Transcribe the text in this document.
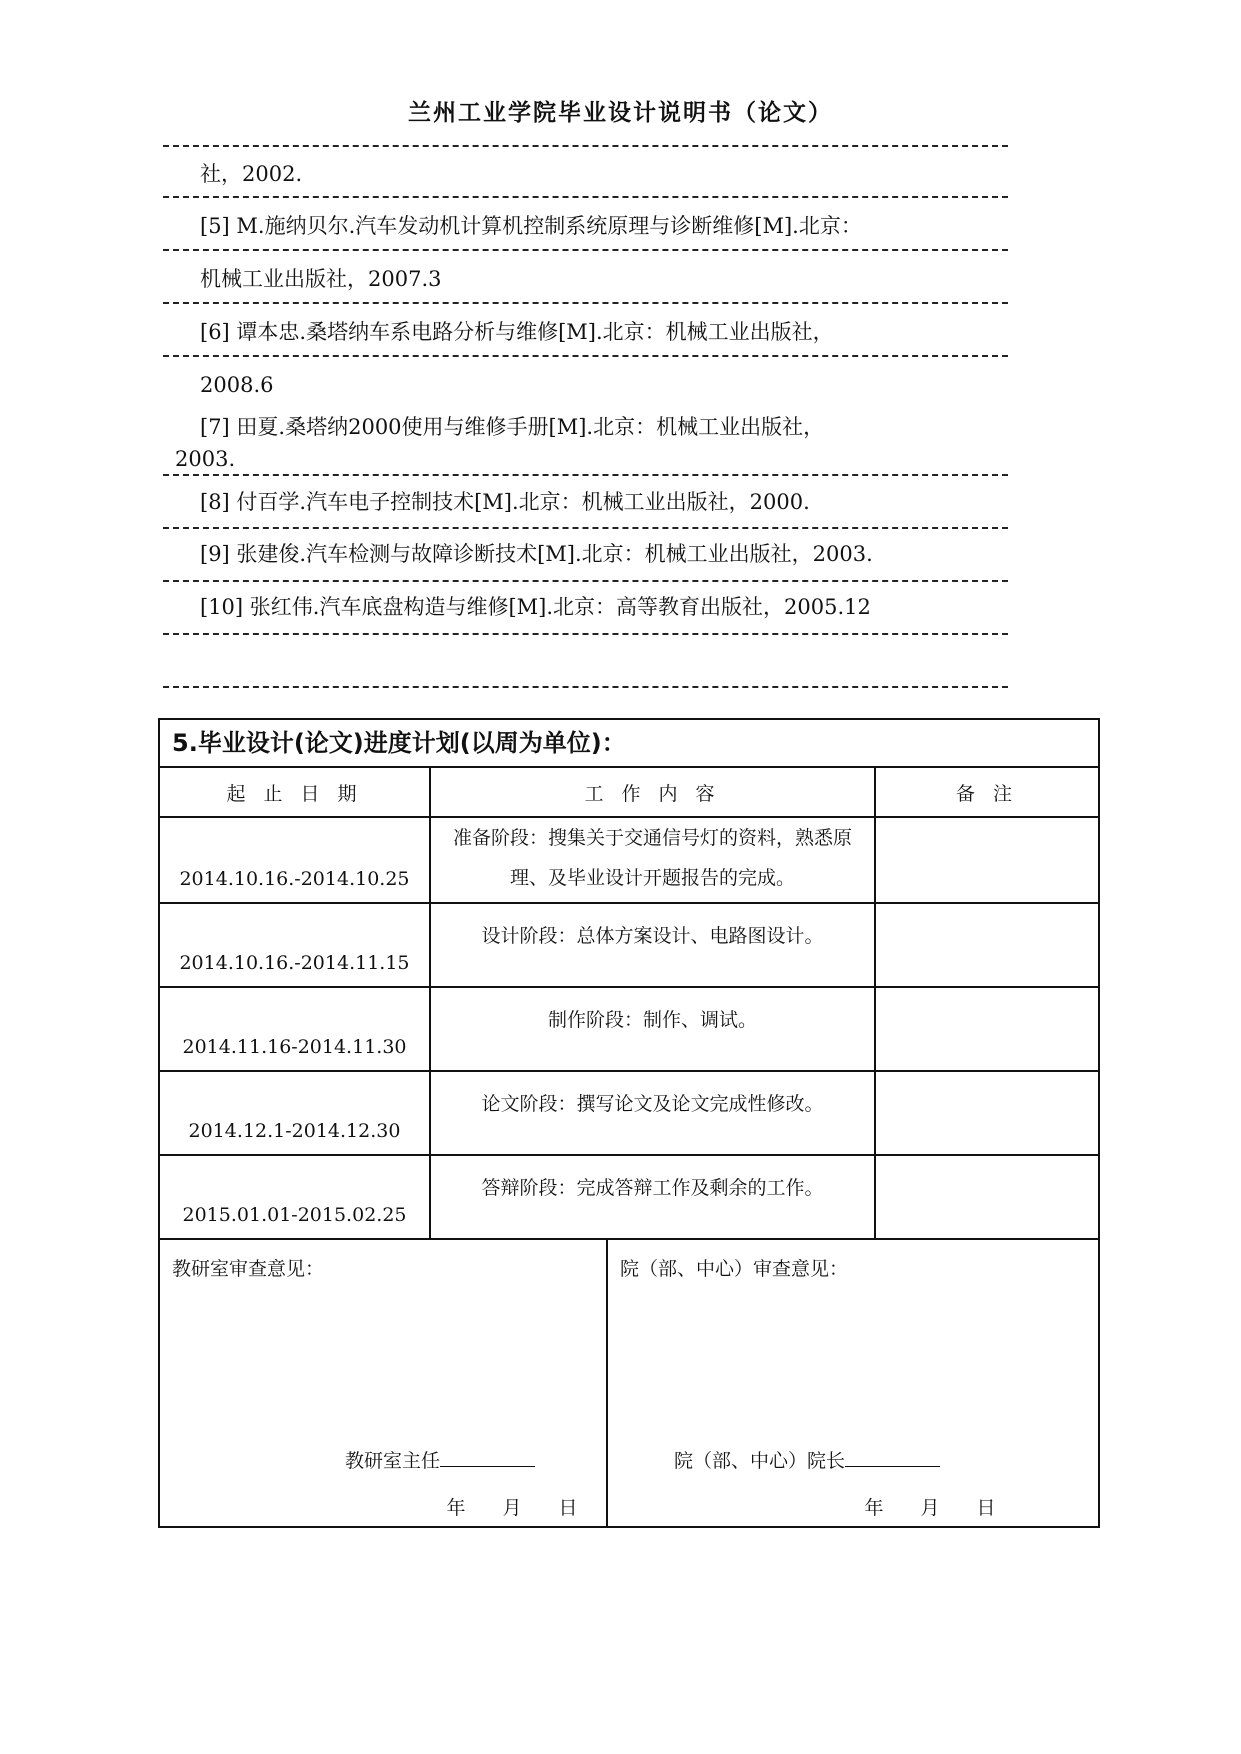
兰州工业学院毕业设计说明书（论文）
社，2002.
[5] M.施纳贝尔.汽车发动机计算机控制系统原理与诊断维修[M].北京：
机械工业出版社，2007.3
[6] 谭本忠.桑塔纳车系电路分析与维修[M].北京：机械工业出版社，
2008.6
[7] 田夏.桑塔纳2000使用与维修手册[M].北京：机械工业出版社，
2003.
[8] 付百学.汽车电子控制技术[M].北京：机械工业出版社，2000.
[9] 张建俊.汽车检测与故障诊断技术[M].北京：机械工业出版社，2003.
[10] 张红伟.汽车底盘构造与维修[M].北京：高等教育出版社，2005.12
5.毕业设计(论文)进度计划(以周为单位)：		
起 止 日 期	工 作 内 容	备 注

2014.10.16.-2014.10.25	准备阶段：搜集关于交通信号灯的资料，熟悉原理、及毕业设计开题报告的完成。	

2014.10.16.-2014.11.15	设计阶段：总体方案设计、电路图设计。	

2014.11.16-2014.11.30	制作阶段：制作、调试。	

2014.12.1-2014.12.30	论文阶段：撰写论文及论文完成性修改。	

2015.01.01-2015.02.25	答辩阶段：完成答辩工作及剩余的工作。	

教研室审查意见：
教研室主任
年 月 日

院（部、中心）审查意见：
院（部、中心）院长
年 月 日
